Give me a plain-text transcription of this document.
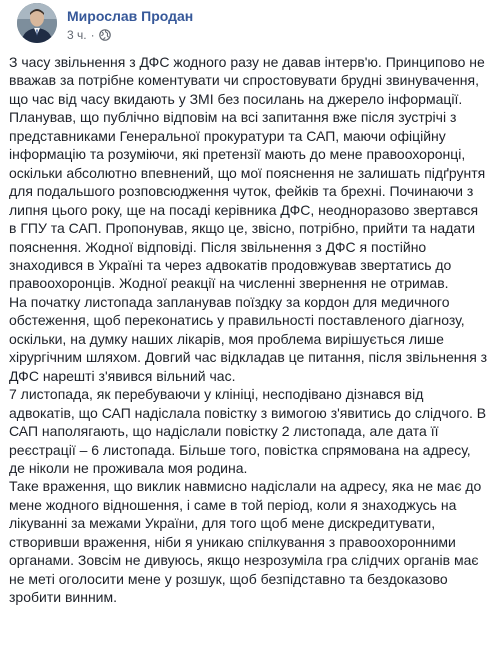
Мирослав Продан
3 ч. ·

З часу звільнення з ДФС жодного разу не давав інтерв'ю. Принципово не вважав за потрібне коментувати чи спростовувати брудні звинувачення, що час від часу вкидають у ЗМІ без посилань на джерело інформації. Планував, що публічно відповім на всі запитання вже після зустрічі з представниками Генеральної прокуратури та САП, маючи офіційну інформацію та розуміючи, які претензії мають до мене правоохоронці, оскільки абсолютно впевнений, що мої пояснення не залишать підґрунтя для подальшого розповсюдження чуток, фейків та брехні. Починаючи з липня цього року, ще на посаді керівника ДФС, неодноразово звертався в ГПУ та САП. Пропонував, якщо це, звісно, потрібно, прийти та надати пояснення. Жодної відповіді. Після звільнення з ДФС я постійно знаходився в Україні та через адвокатів продовжував звертатись до правоохоронців. Жодної реакції на численні звернення не отримав.

На початку листопада запланував поїздку за кордон для медичного обстеження, щоб переконатись у правильності поставленого діагнозу, оскільки, на думку наших лікарів, моя проблема вирішується лише хірургічним шляхом. Довгий час відкладав це питання, після звільнення з ДФС нарешті з'явився вільний час.

7 листопада, як перебуваючи у клініці, несподівано дізнався від адвокатів, що САП надіслала повістку з вимогою з'явитись до слідчого. В САП наполягають, що надіслали повістку 2 листопада, але дата її реєстрації – 6 листопада. Більше того, повістка спрямована на адресу, де ніколи не проживала моя родина.

Таке враження, що виклик навмисно надіслали на адресу, яка не має до мене жодного відношення, і саме в той період, коли я знаходжусь на лікуванні за межами України, для того щоб мене дискредитувати, створивши враження, ніби я уникаю спілкування з правоохоронними органами. Зовсім не дивуюсь, якщо незрозуміла гра слідчих органів має не меті оголосити мене у розшук, щоб безпідставно та бездоказово зробити винним.
